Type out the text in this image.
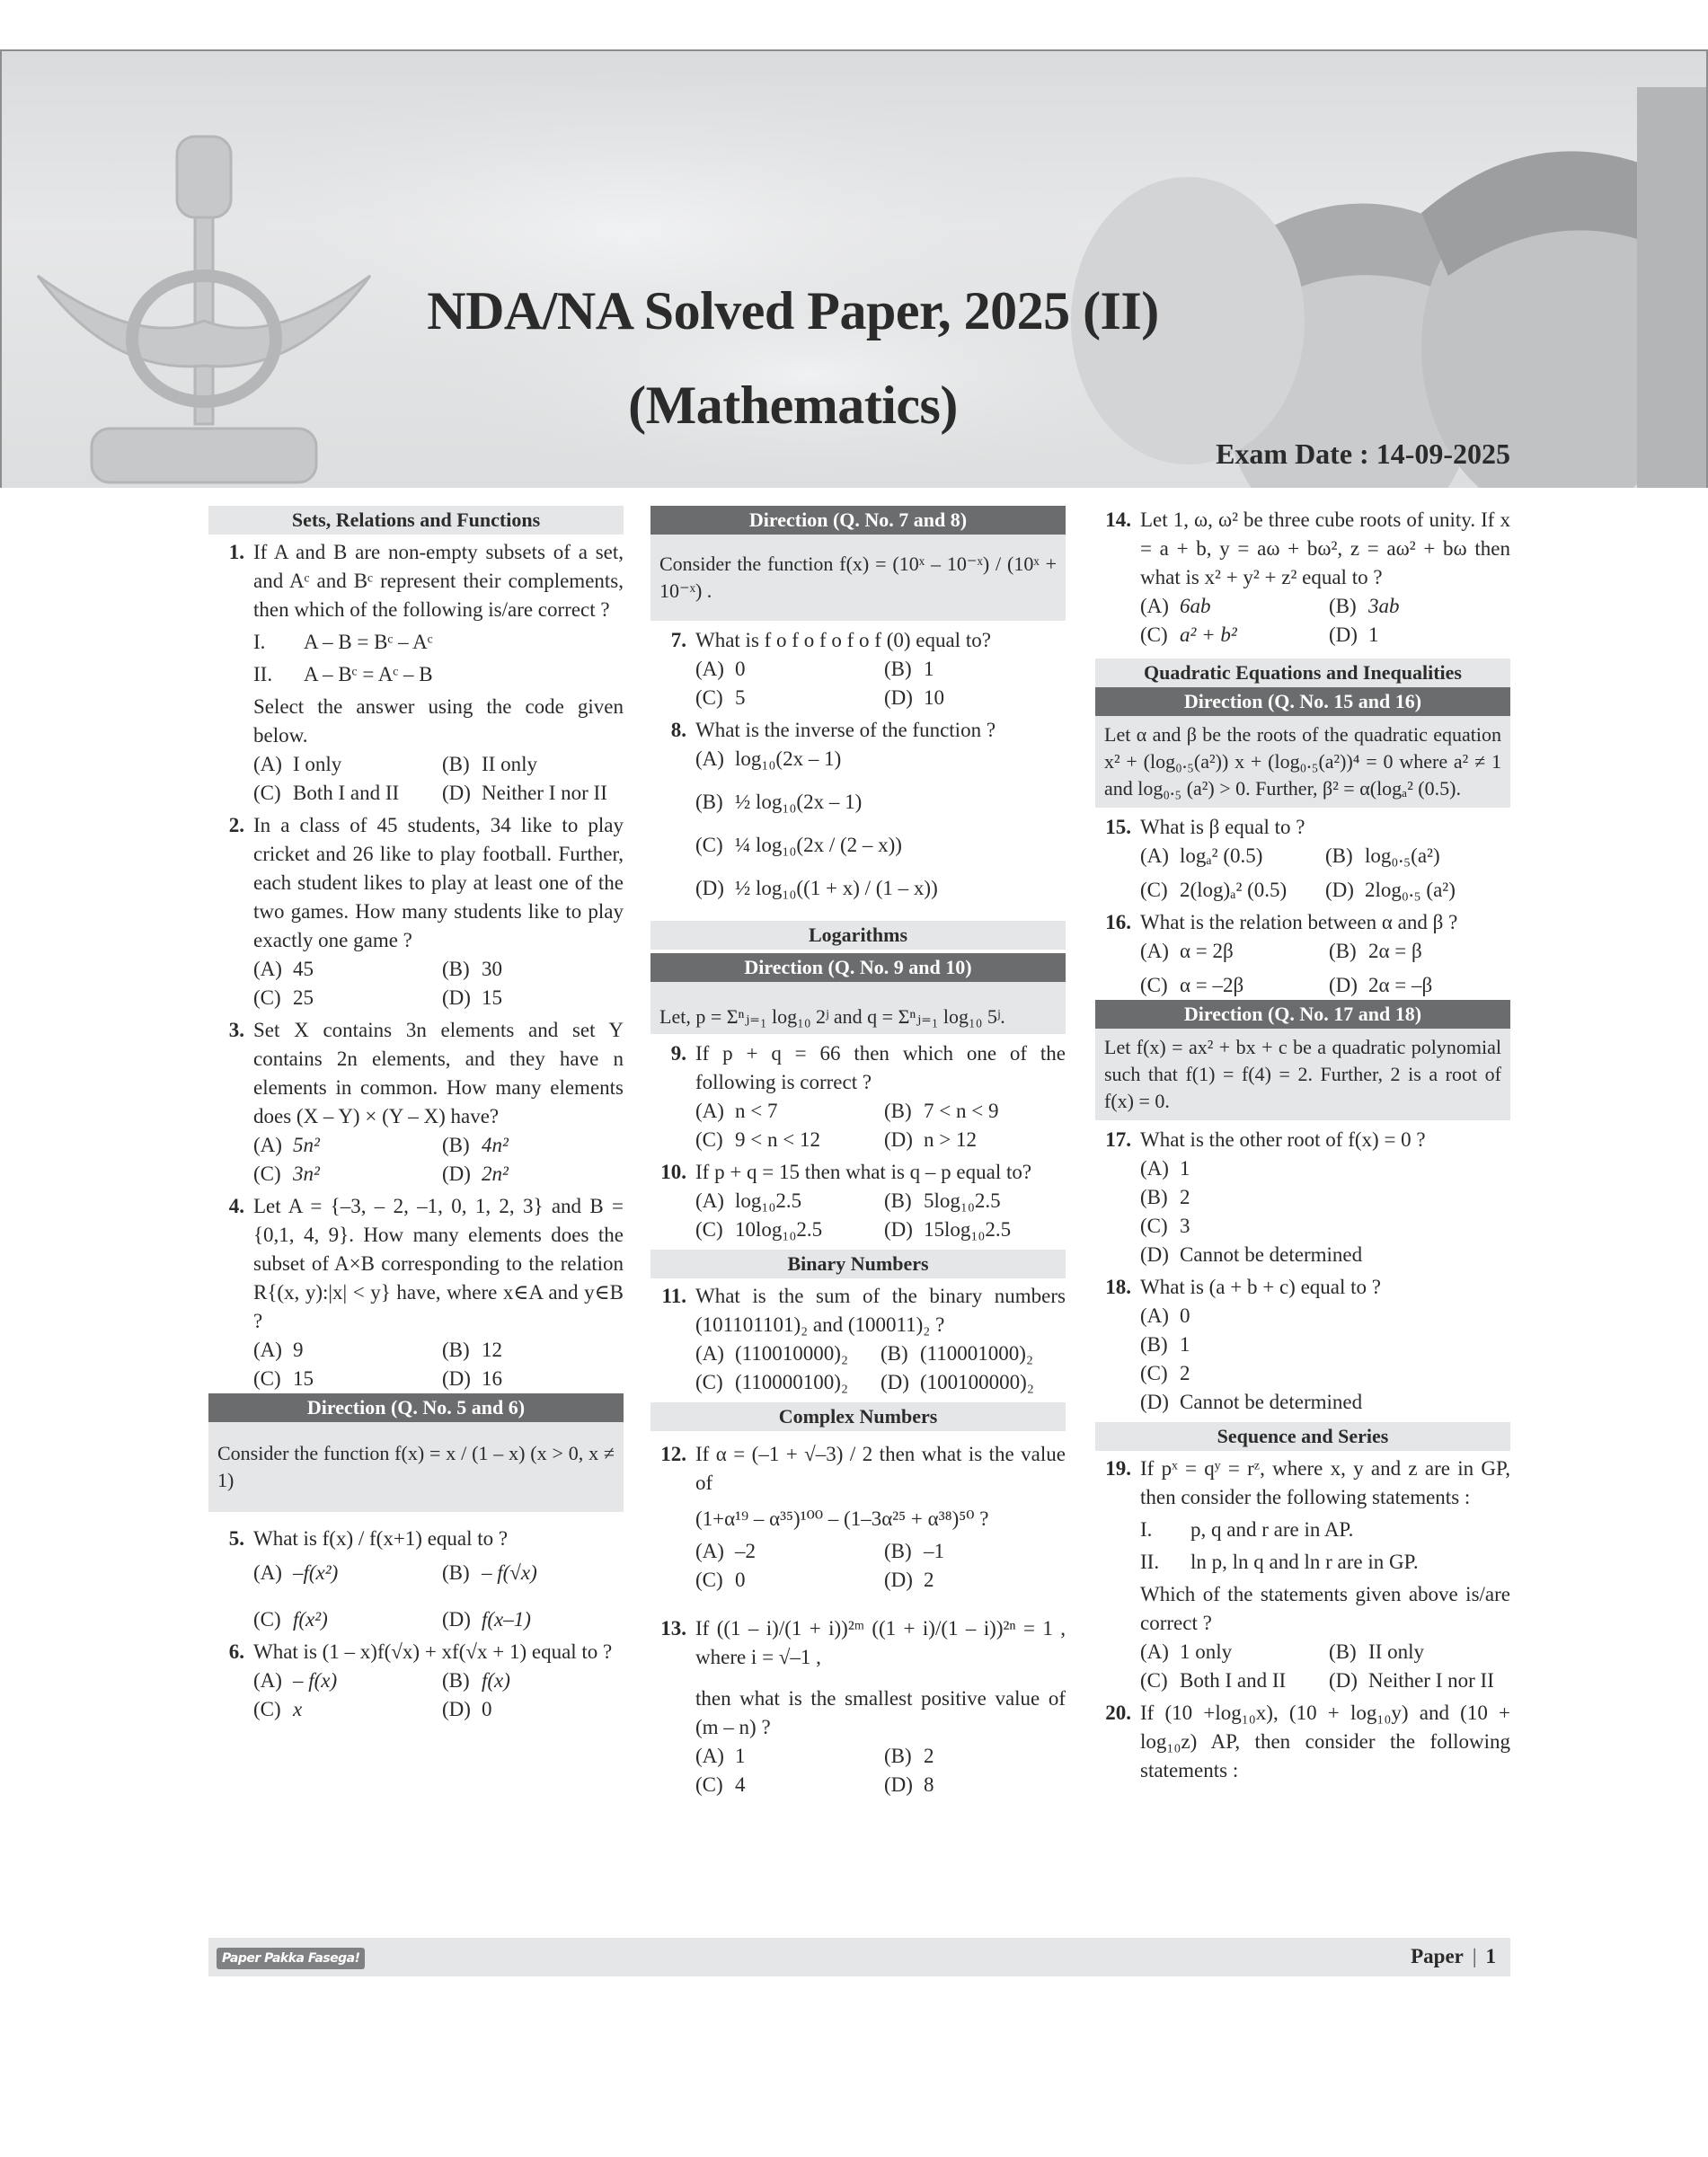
NDA/NA Solved Paper, 2025 (II)
(Mathematics)
Exam Date : 14-09-2025
Sets, Relations and Functions
1. If A and B are non-empty subsets of a set, and Aᶜ and Bᶜ represent their complements, then which of the following is/are correct ?
I.	A – B = Bᶜ – Aᶜ
II.	A – Bᶜ = Aᶜ – B
Select the answer using the code given below.
(A) I only	(B) II only
(C) Both I and II	(D) Neither I nor II
2. In a class of 45 students, 34 like to play cricket and 26 like to play football. Further, each student likes to play at least one of the two games. How many students like to play exactly one game ?
(A) 45	(B) 30
(C) 25	(D) 15
3. Set X contains 3n elements and set Y contains 2n elements, and they have n elements in common. How many elements does (X – Y) × (Y – X) have?
(A) 5n²	(B) 4n²
(C) 3n²	(D) 2n²
4. Let A = {–3, – 2, –1, 0, 1, 2, 3} and B = {0,1, 4, 9}. How many elements does the subset of A×B corresponding to the relation R{(x, y):|x| < y} have, where x∈A and y∈B ?
(A) 9	(B) 12
(C) 15	(D) 16
Direction (Q. No. 5 and 6)
Consider the function f(x) = x / (1 – x) (x > 0, x ≠ 1)
5. What is f(x) / f(x+1) equal to ?
(A) –f(x²)	(B) – f(√x)
(C) f(x²)	(D) f(x–1)
6. What is (1 – x)f(√x) + xf(√x + 1) equal to ?
(A) – f(x)	(B) f(x)
(C) x	(D) 0
Direction (Q. No. 7 and 8)
Consider the function f(x) = (10ˣ – 10⁻ˣ) / (10ˣ + 10⁻ˣ) .
7. What is f o f o f o f o f (0) equal to?
(A) 0	(B) 1
(C) 5	(D) 10
8. What is the inverse of the function ?
(A) log₁₀(2x – 1)
(B) ½ log₁₀(2x – 1)
(C) ¼ log₁₀(2x / (2 – x))
(D) ½ log₁₀((1 + x) / (1 – x))
Logarithms
Direction (Q. No. 9 and 10)
Let, p = Σⁿⱼ₌₁ log₁₀ 2ʲ and q = Σⁿⱼ₌₁ log₁₀ 5ʲ.
9. If p + q = 66 then which one of the following is correct ?
(A) n < 7	(B) 7 < n < 9
(C) 9 < n < 12	(D) n > 12
10. If p + q = 15 then what is q – p equal to?
(A) log₁₀2.5	(B) 5log₁₀2.5
(C) 10log₁₀2.5	(D) 15log₁₀2.5
Binary Numbers
11. What is the sum of the binary numbers (101101101)₂ and (100011)₂ ?
(A) (110010000)₂	(B) (110001000)₂
(C) (110000100)₂	(D) (100100000)₂
Complex Numbers
12. If α = (–1 + √–3) / 2 then what is the value of
(1+α¹⁹ – α³⁵)¹⁰⁰ – (1–3α²⁵ + α³⁸)⁵⁰ ?
(A) –2	(B) –1
(C) 0	(D) 2
13. If ((1 – i)/(1 + i))²ᵐ ((1 + i)/(1 – i))²ⁿ = 1 , where i = √–1 ,
then what is the smallest positive value of (m – n) ?
(A) 1	(B) 2
(C) 4	(D) 8
14. Let 1, ω, ω² be three cube roots of unity. If x = a + b, y = aω + bω², z = aω² + bω then what is x² + y² + z² equal to ?
(A) 6ab	(B) 3ab
(C) a² + b²	(D) 1
Quadratic Equations and Inequalities
Direction (Q. No. 15 and 16)
Let α and β be the roots of the quadratic equation x² + (log₀.₅(a²)) x + (log₀.₅(a²))⁴ = 0 where a² ≠ 1 and log₀.₅ (a²) > 0. Further, β² = α(logₐ² (0.5).
15. What is β equal to ?
(A) logₐ² (0.5)	(B) log₀.₅(a²)
(C) 2(log)ₐ² (0.5)	(D) 2log₀.₅ (a²)
16. What is the relation between α and β ?
(A) α = 2β	(B) 2α = β
(C) α = –2β	(D) 2α = –β
Direction (Q. No. 17 and 18)
Let f(x) = ax² + bx + c be a quadratic polynomial such that f(1) = f(4) = 2. Further, 2 is a root of f(x) = 0.
17. What is the other root of f(x) = 0 ?
(A) 1
(B) 2
(C) 3
(D) Cannot be determined
18. What is (a + b + c) equal to ?
(A) 0
(B) 1
(C) 2
(D) Cannot be determined
Sequence and Series
19. If pˣ = qʸ = rᶻ, where x, y and z are in GP, then consider the following statements :
I.	p, q and r are in AP.
II.	ln p, ln q and ln r are in GP.
Which of the statements given above is/are correct ?
(A) 1 only	(B) II only
(C) Both I and II	(D) Neither I nor II
20. If (10 +log₁₀x), (10 + log₁₀y) and (10 + log₁₀z) AP, then consider the following statements :
Paper Pakka Fasega!	Paper | 1
